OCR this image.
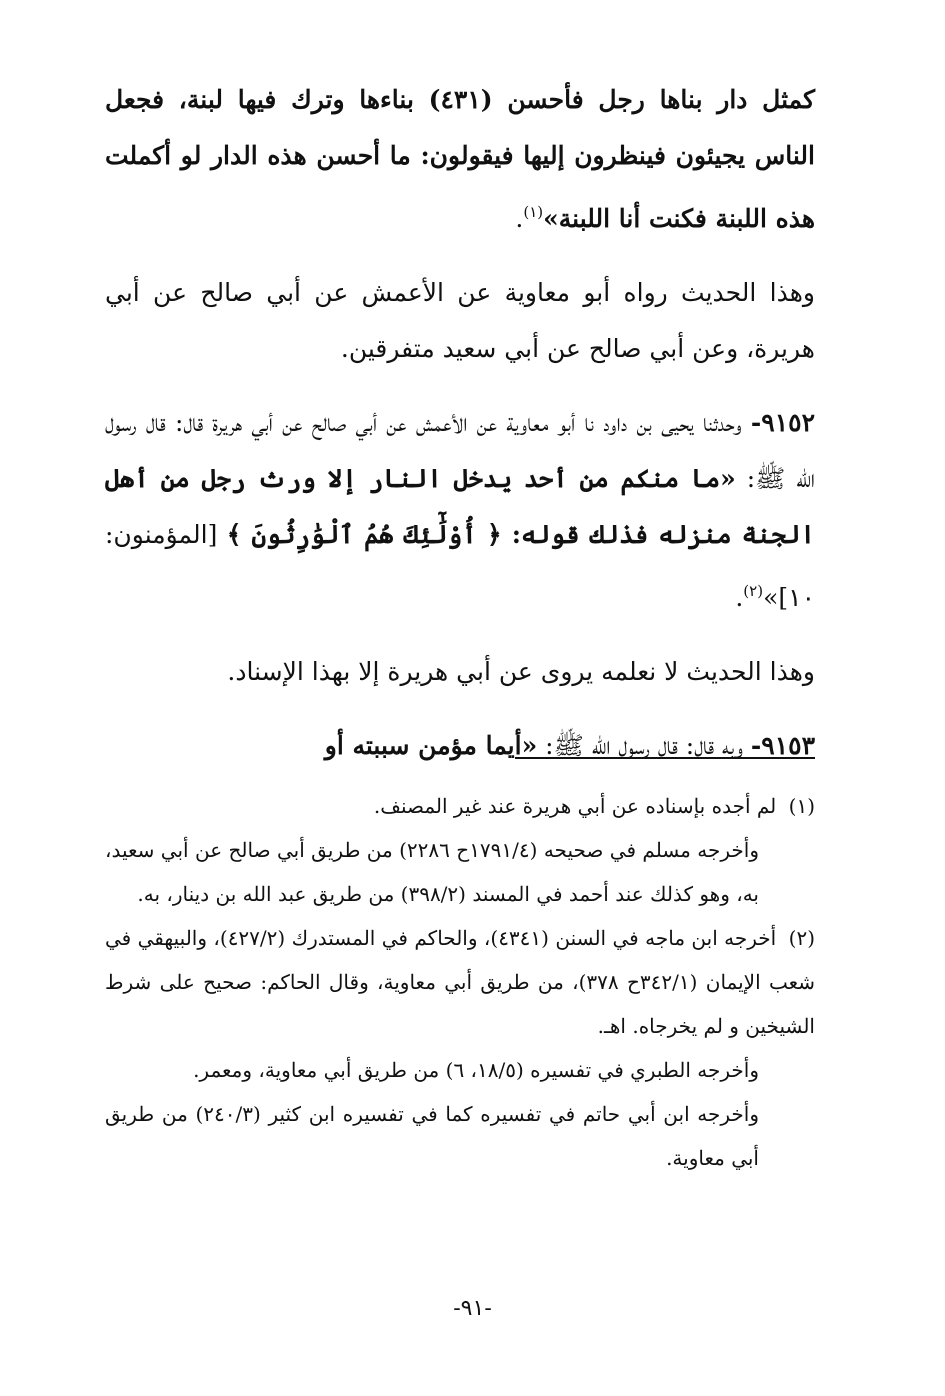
كمثل دار بناها رجل فأحسن (٤٣١) بناءها وترك فيها لبنة، فجعل الناس يجيئون فينظرون إليها فيقولون: ما أحسن هذه الدار لو أكملت هذه اللبنة فكنت أنا اللبنة»$^{(١)}$.

وهذا الحديث رواه أبو معاوية عن الأعمش عن أبي صالح عن أبي هريرة، وعن أبي صالح عن أبي سعيد متفرقين.

٩١٥٢- وحدثنا يحيى بن داود نا أبو معاوية عن الأعمش عن أبي صالح عن أبي هريرة قال: قال رسول الله ﷺ: «ما منكم من أحد يدخل النار إلا ورث رجل من أهل الجنة منزله فذلك قوله: ﴿ أُوْلَٰٓئِكَ هُمُ ٱلْوَٰرِثُونَ ﴾ [المؤمنون: ١٠]»$^{(٢)}$.

وهذا الحديث لا نعلمه يروى عن أبي هريرة إلا بهذا الإسناد.

٩١٥٣- وبه قال: قال رسول الله ﷺ: «أيما مؤمن سببته أو

(١) لم أجده بإسناده عن أبي هريرة عند غير المصنف.

وأخرجه مسلم في صحيحه (١٧٩١/٤ح ٢٢٨٦) من طريق أبي صالح عن أبي سعيد، به، وهو كذلك عند أحمد في المسند (٣٩٨/٢) من طريق عبد الله بن دينار، به.

(٢) أخرجه ابن ماجه في السنن (٤٣٤١)، والحاكم في المستدرك (٤٢٧/٢)، والبيهقي في شعب الإيمان (٣٤٢/١ح ٣٧٨)، من طريق أبي معاوية، وقال الحاكم: صحيح على شرط الشيخين و لم يخرجاه. اهـ.

وأخرجه الطبري في تفسيره (١٨/٥، ٦) من طريق أبي معاوية، ومعمر.

وأخرجه ابن أبي حاتم في تفسيره كما في تفسيره ابن كثير (٢٤٠/٣) من طريق أبي معاوية.

-٩١-
